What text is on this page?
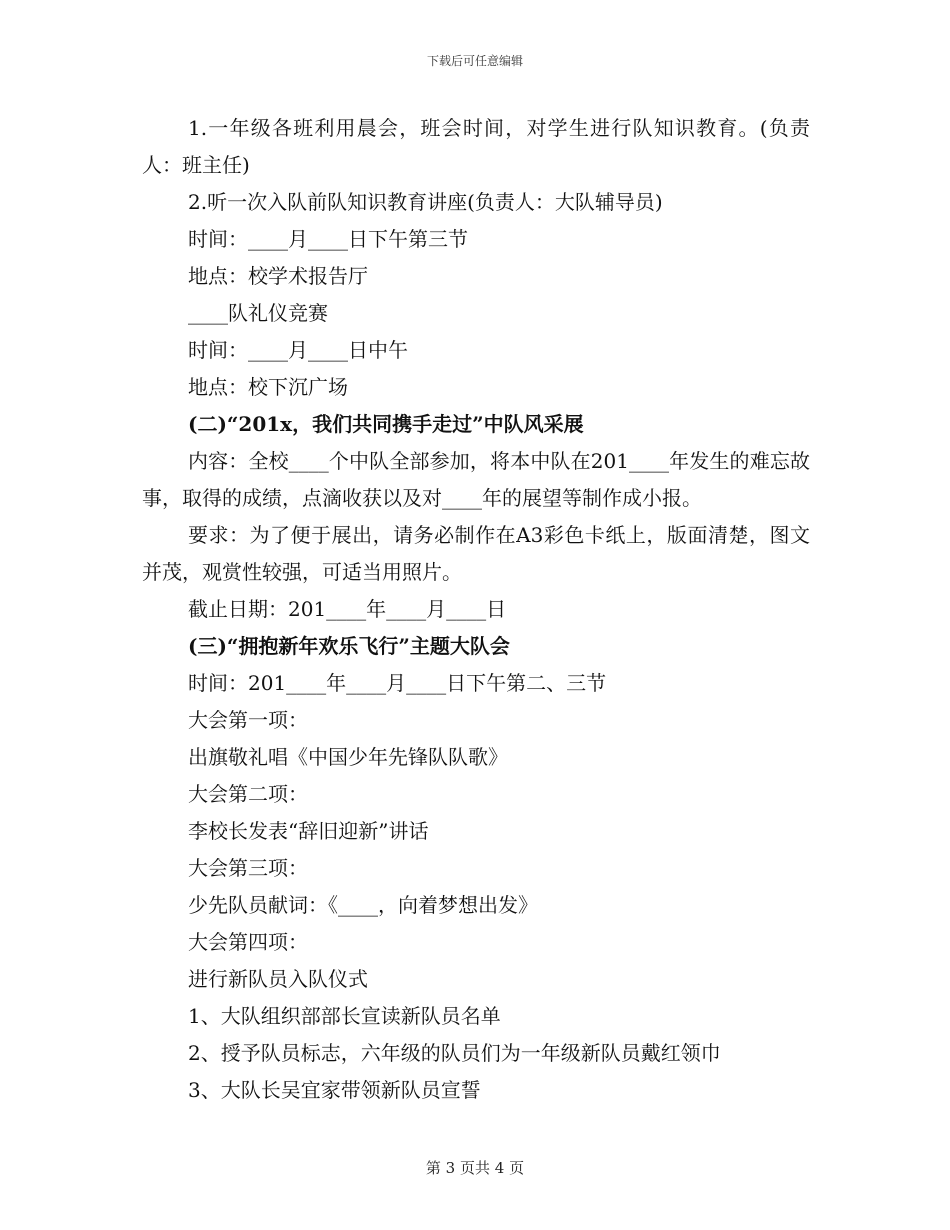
下载后可任意编辑

1.一年级各班利用晨会，班会时间，对学生进行队知识教育。(负责人：班主任)

2.听一次入队前队知识教育讲座(负责人：大队辅导员)

时间：____月____日下午第三节

地点：校学术报告厅

____队礼仪竞赛

时间：____月____日中午

地点：校下沉广场

(二)“201x，我们共同携手走过”中队风采展

内容：全校____个中队全部参加，将本中队在201____年发生的难忘故事，取得的成绩，点滴收获以及对____年的展望等制作成小报。

要求：为了便于展出，请务必制作在A3彩色卡纸上，版面清楚，图文并茂，观赏性较强，可适当用照片。

截止日期：201____年____月____日

(三)“拥抱新年欢乐飞行”主题大队会

时间：201____年____月____日下午第二、三节

大会第一项：

出旗敬礼唱《中国少年先锋队队歌》

大会第二项：

李校长发表“辞旧迎新”讲话

大会第三项：

少先队员献词：《____，向着梦想出发》

大会第四项：

进行新队员入队仪式

1、大队组织部部长宣读新队员名单

2、授予队员标志，六年级的队员们为一年级新队员戴红领巾

3、大队长吴宜家带领新队员宣誓

第 3 页共 4 页
